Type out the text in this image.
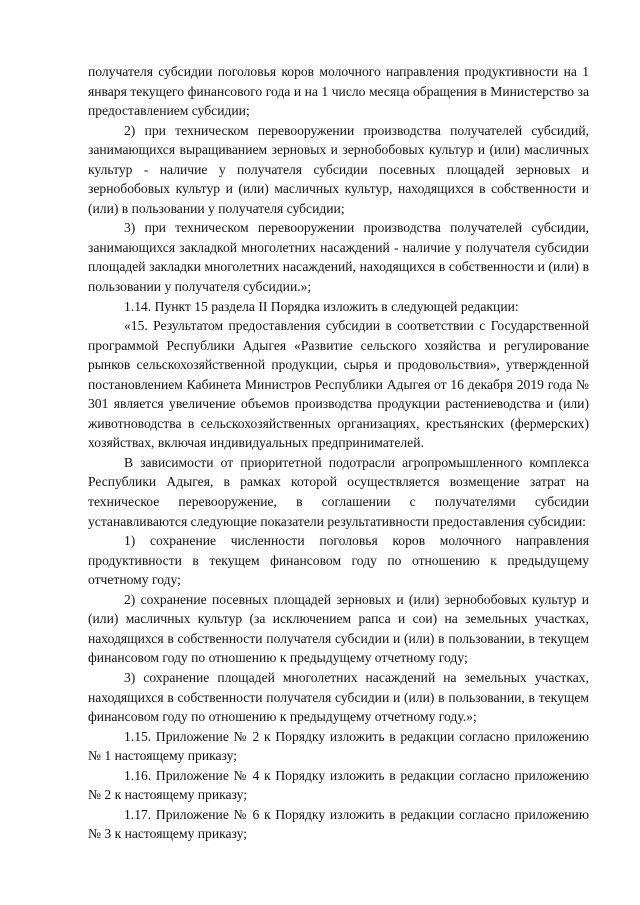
получателя субсидии поголовья коров молочного направления продуктивности на 1 января текущего финансового года и на 1 число месяца обращения в Министерство за предоставлением субсидии;

2) при техническом перевооружении производства получателей субсидий, занимающихся выращиванием зерновых и зернобобовых культур и (или) масличных культур - наличие у получателя субсидии посевных площадей зерновых и зернобобовых культур и (или) масличных культур, находящихся в собственности и (или) в пользовании у получателя субсидии;

3) при техническом перевооружении производства получателей субсидии, занимающихся закладкой многолетних насаждений - наличие у получателя субсидии площадей закладки многолетних насаждений, находящихся в собственности и (или) в пользовании у получателя субсидии.»;

1.14. Пункт 15 раздела II Порядка изложить в следующей редакции:

«15. Результатом предоставления субсидии в соответствии с Государственной программой Республики Адыгея «Развитие сельского хозяйства и регулирование рынков сельскохозяйственной продукции, сырья и продовольствия», утвержденной постановлением Кабинета Министров Республики Адыгея от 16 декабря 2019 года № 301 является увеличение объемов производства продукции растениеводства и (или) животноводства в сельскохозяйственных организациях, крестьянских (фермерских) хозяйствах, включая индивидуальных предпринимателей.

В зависимости от приоритетной подотрасли агропромышленного комплекса Республики Адыгея, в рамках которой осуществляется возмещение затрат на техническое перевооружение, в соглашении с получателями субсидии устанавливаются следующие показатели результативности предоставления субсидии:

1) сохранение численности поголовья коров молочного направления продуктивности в текущем финансовом году по отношению к предыдущему отчетному году;

2) сохранение посевных площадей зерновых и (или) зернобобовых культур и (или) масличных культур (за исключением рапса и сои) на земельных участках, находящихся в собственности получателя субсидии и (или) в пользовании, в текущем финансовом году по отношению к предыдущему отчетному году;

3) сохранение площадей многолетних насаждений на земельных участках, находящихся в собственности получателя субсидии и (или) в пользовании, в текущем финансовом году по отношению к предыдущему отчетному году.»;

1.15. Приложение № 2 к Порядку изложить в редакции согласно приложению № 1 настоящему приказу;

1.16. Приложение № 4 к Порядку изложить в редакции согласно приложению № 2 к настоящему приказу;

1.17. Приложение № 6 к Порядку изложить в редакции согласно приложению № 3 к настоящему приказу;
